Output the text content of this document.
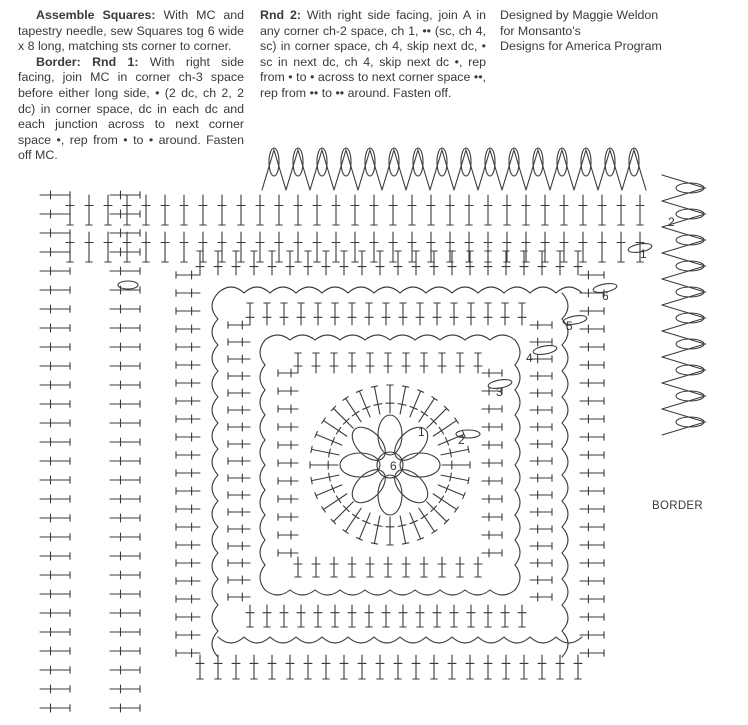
Assemble Squares: With MC and tapestry needle, sew Squares tog 6 wide x 8 long, matching sts corner to corner.

Border: Rnd 1: With right side facing, join MC in corner ch-3 space before either long side, • (2 dc, ch 2, 2 dc) in corner space, dc in each dc and each junction across to next corner space •, rep from • to • around. Fasten off MC.

Rnd 2: With right side facing, join A in any corner ch-2 space, ch 1, •• (sc, ch 4, sc) in corner space, ch 4, skip next dc, • sc in next dc, ch 4, skip next dc •, rep from • to • across to next corner space ••, rep from •• to •• around. Fasten off.

Designed by Maggie Weldon

for Monsanto's

Designs for America Program

6
1
2
3
4
5
6
1
2
BORDER
